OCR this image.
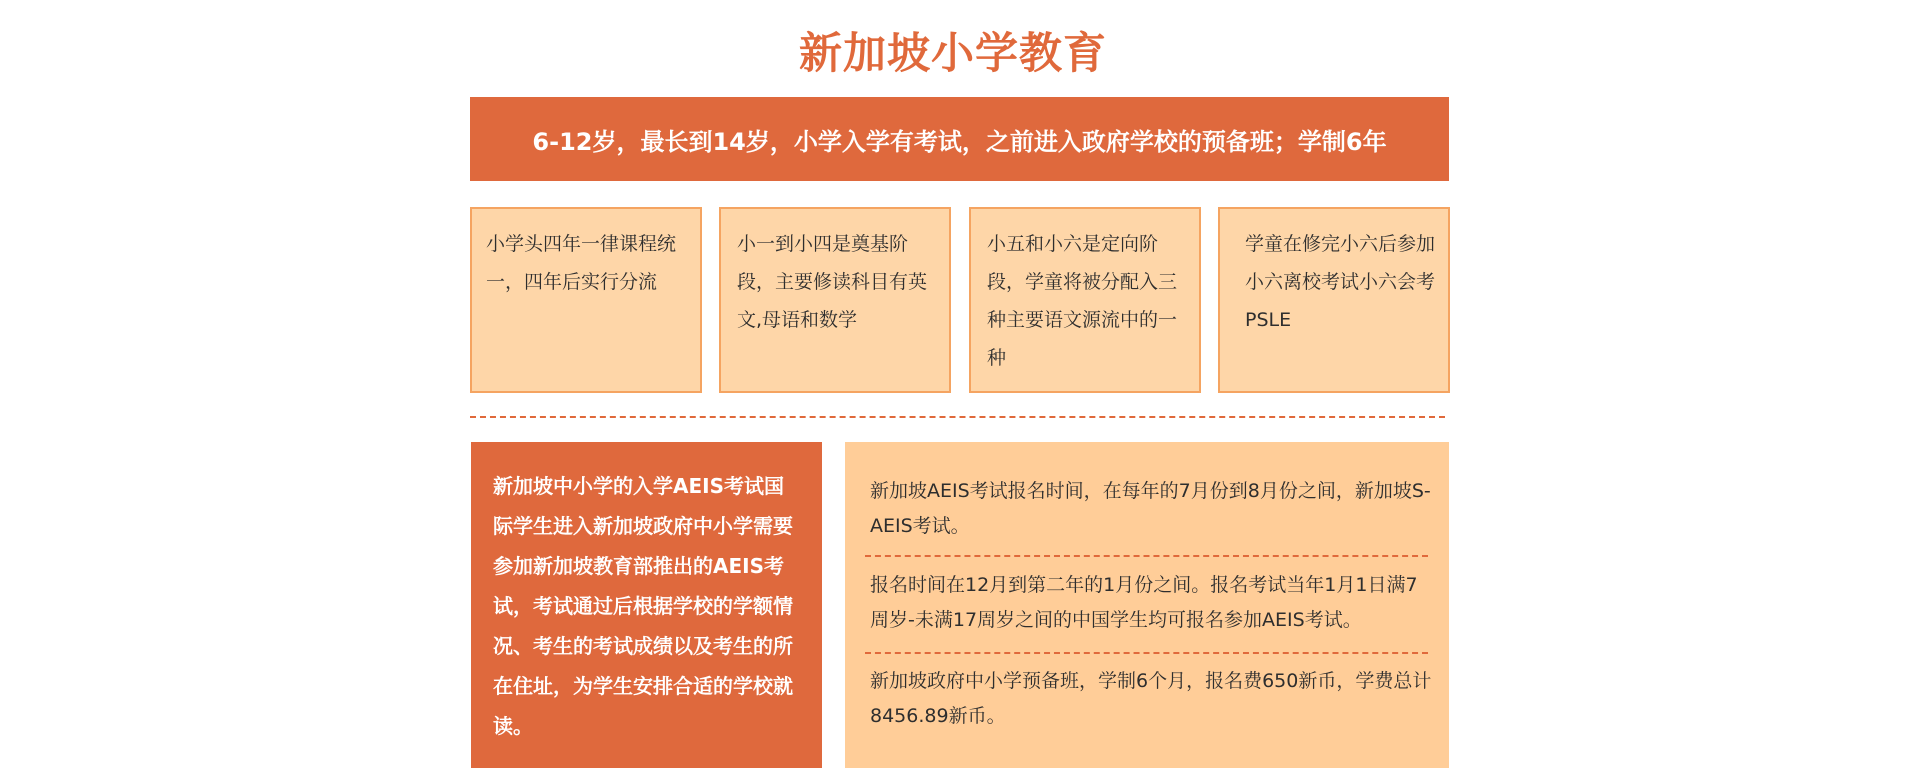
新加坡小学教育
6-12岁，最长到14岁，小学入学有考试，之前进入政府学校的预备班；学制6年
小学头四年一律课程统一，四年后实行分流
小一到小四是奠基阶段，主要修读科目有英文,母语和数学
小五和小六是定向阶段，学童将被分配入三种主要语文源流中的一种
学童在修完小六后参加小六离校考试小六会考PSLE
新加坡中小学的入学AEIS考试国际学生进入新加坡政府中小学需要参加新加坡教育部推出的AEIS考试，考试通过后根据学校的学额情况、考生的考试成绩以及考生的所在住址，为学生安排合适的学校就读。
新加坡AEIS考试报名时间，在每年的7月份到8月份之间，新加坡S-AEIS考试。
报名时间在12月到第二年的1月份之间。报名考试当年1月1日满7周岁-未满17周岁之间的中国学生均可报名参加AEIS考试。
新加坡政府中小学预备班，学制6个月，报名费650新币，学费总计8456.89新币。
